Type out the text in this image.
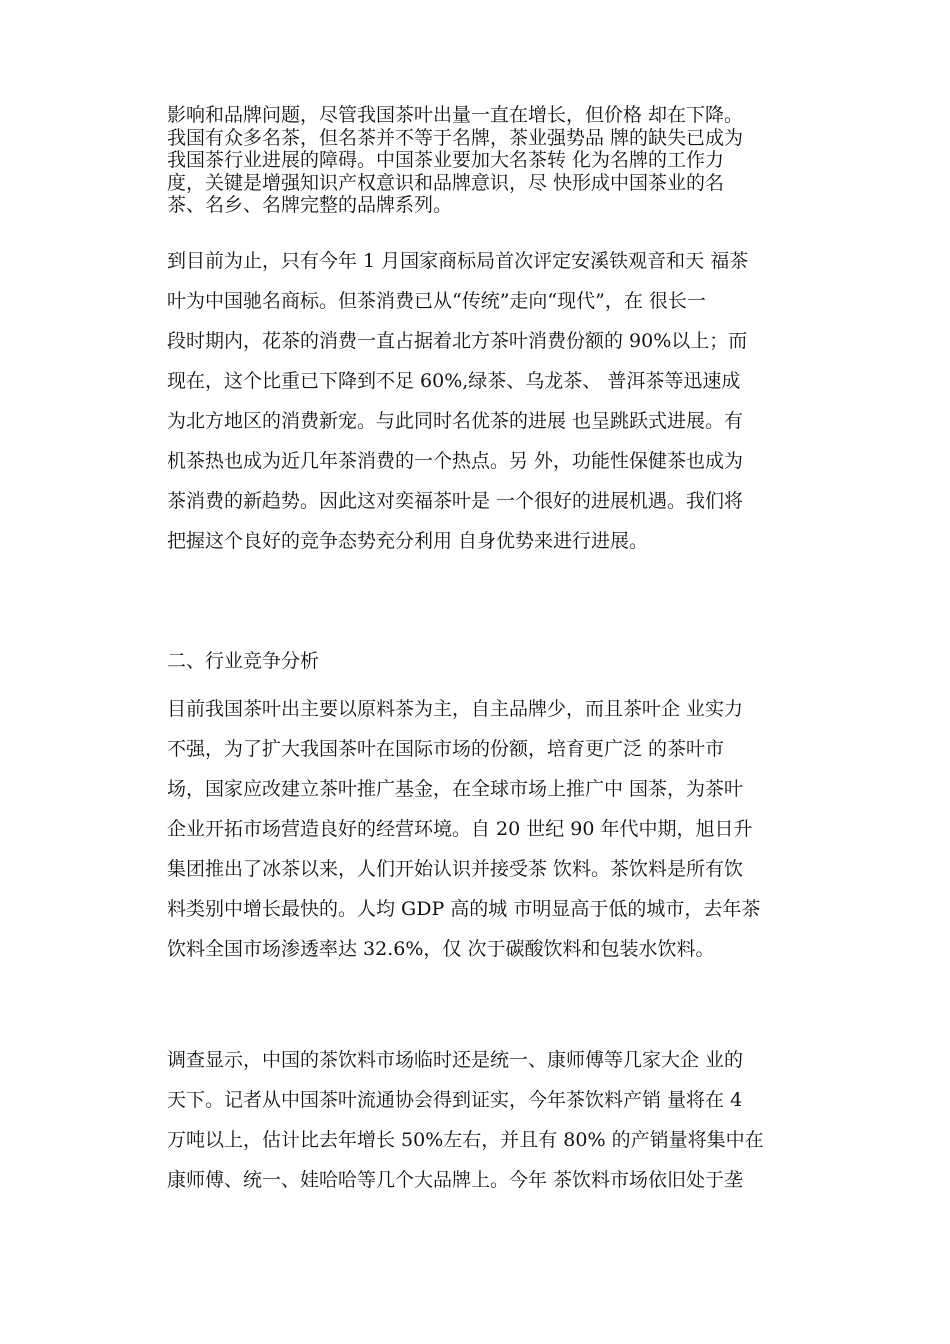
影响和品牌问题，尽管我国茶叶出量一直在增长，但价格 却在下降。
我国有众多名茶，但名茶并不等于名牌，茶业强势品 牌的缺失已成为
我国茶行业进展的障碍。中国茶业要加大名茶转 化为名牌的工作力
度，关键是增强知识产权意识和品牌意识，尽 快形成中国茶业的名
茶、名乡、名牌完整的品牌系列。
到目前为止，只有今年 1 月国家商标局首次评定安溪铁观音和天 福茶
叶为中国驰名商标。但茶消费已从“传统”走向“现代”，在 很长一
段时期内，花茶的消费一直占据着北方茶叶消费份额的 90%以上；而
现在，这个比重已下降到不足 60%,绿茶、乌龙茶、 普洱茶等迅速成
为北方地区的消费新宠。与此同时名优茶的进展 也呈跳跃式进展。有
机茶热也成为近几年茶消费的一个热点。另 外，功能性保健茶也成为
茶消费的新趋势。因此这对奕福茶叶是 一个很好的进展机遇。我们将
把握这个良好的竞争态势充分利用 自身优势来进行进展。
二、行业竞争分析
目前我国茶叶出主要以原料茶为主，自主品牌少，而且茶叶企 业实力
不强，为了扩大我国茶叶在国际市场的份额，培育更广泛 的茶叶市
场，国家应改建立茶叶推广基金，在全球市场上推广中 国茶，为茶叶
企业开拓市场营造良好的经营环境。自 20 世纪 90 年代中期，旭日升
集团推出了冰茶以来，人们开始认识并接受茶 饮料。茶饮料是所有饮
料类别中增长最快的。人均 GDP 高的城 市明显高于低的城市，去年茶
饮料全国市场渗透率达 32.6%，仅 次于碳酸饮料和包装水饮料。
调查显示，中国的茶饮料市场临时还是统一、康师傅等几家大企 业的
天下。记者从中国茶叶流通协会得到证实，今年茶饮料产销 量将在 4
万吨以上，估计比去年增长 50%左右，并且有 80% 的产销量将集中在
康师傅、统一、娃哈哈等几个大品牌上。今年 茶饮料市场依旧处于垄
